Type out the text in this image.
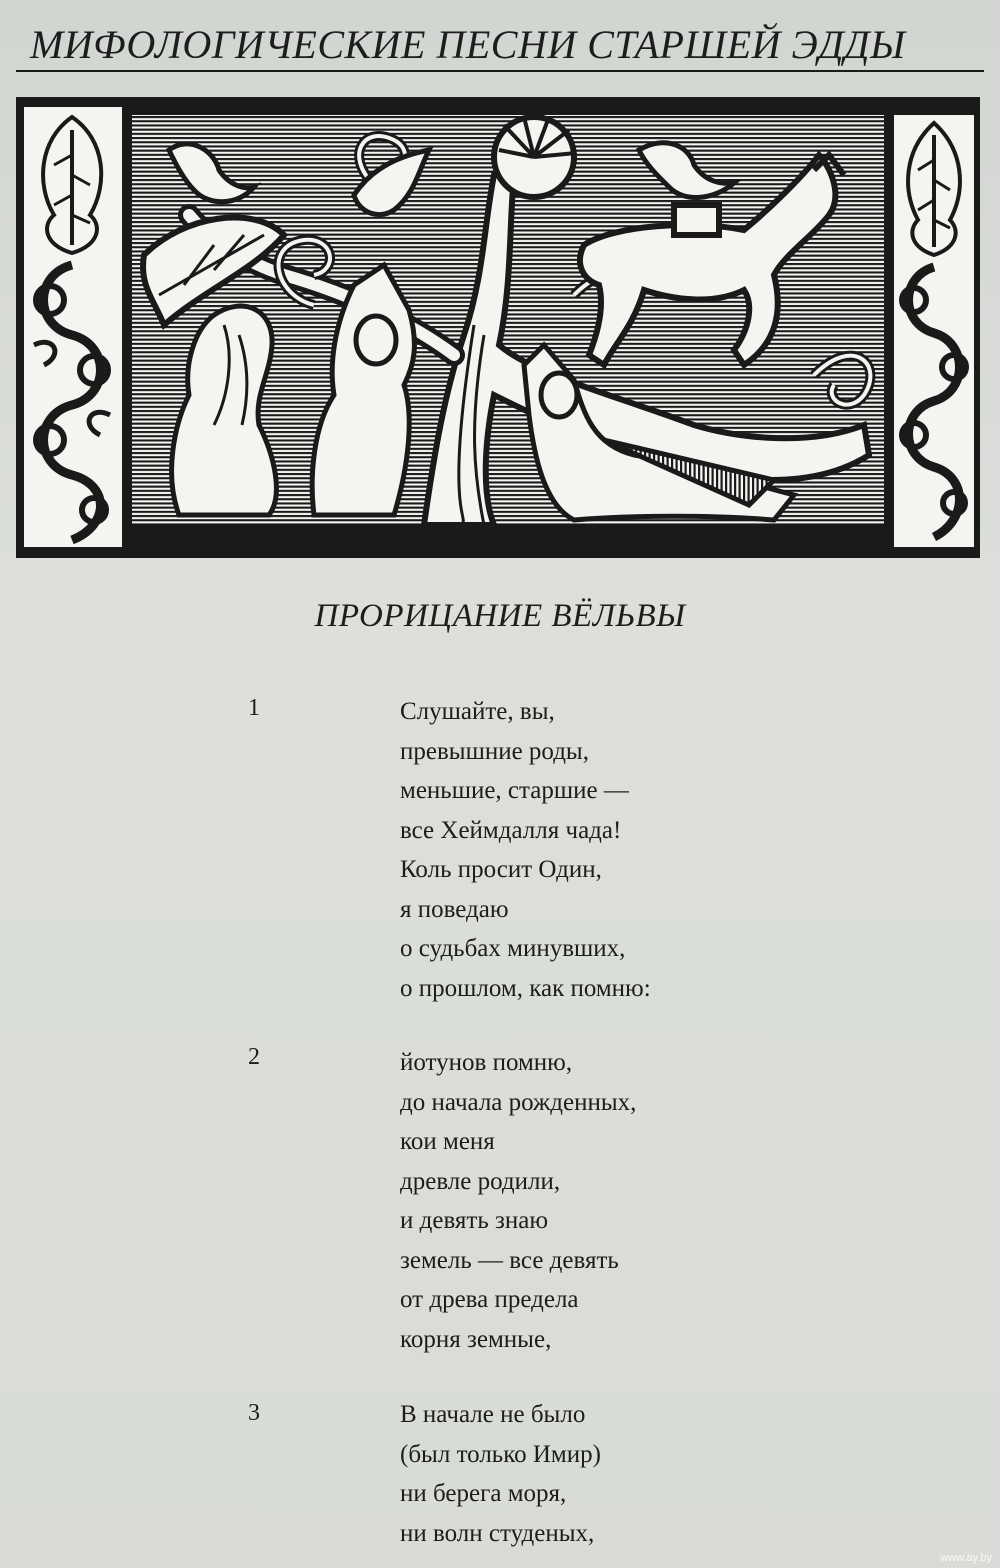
МИФОЛОГИЧЕСКИЕ ПЕСНИ СТАРШЕЙ ЭДДЫ
ПРОРИЦАНИЕ ВЁЛЬВЫ
1	Слушайте, вы,
превышние роды,
меньшие, старшие —
все Хеймдалля чада!
Коль просит Один,
я поведаю
о судьбах минувших,
о прошлом, как помню:
2	йотунов помню,
до начала рожденных,
кои меня
древле родили,
и девять знаю
земель — все девять
от древа предела
корня земные,
3	В начале не было
(был только Имир)
ни берега моря,
ни волн студеных,
www.ay.by
